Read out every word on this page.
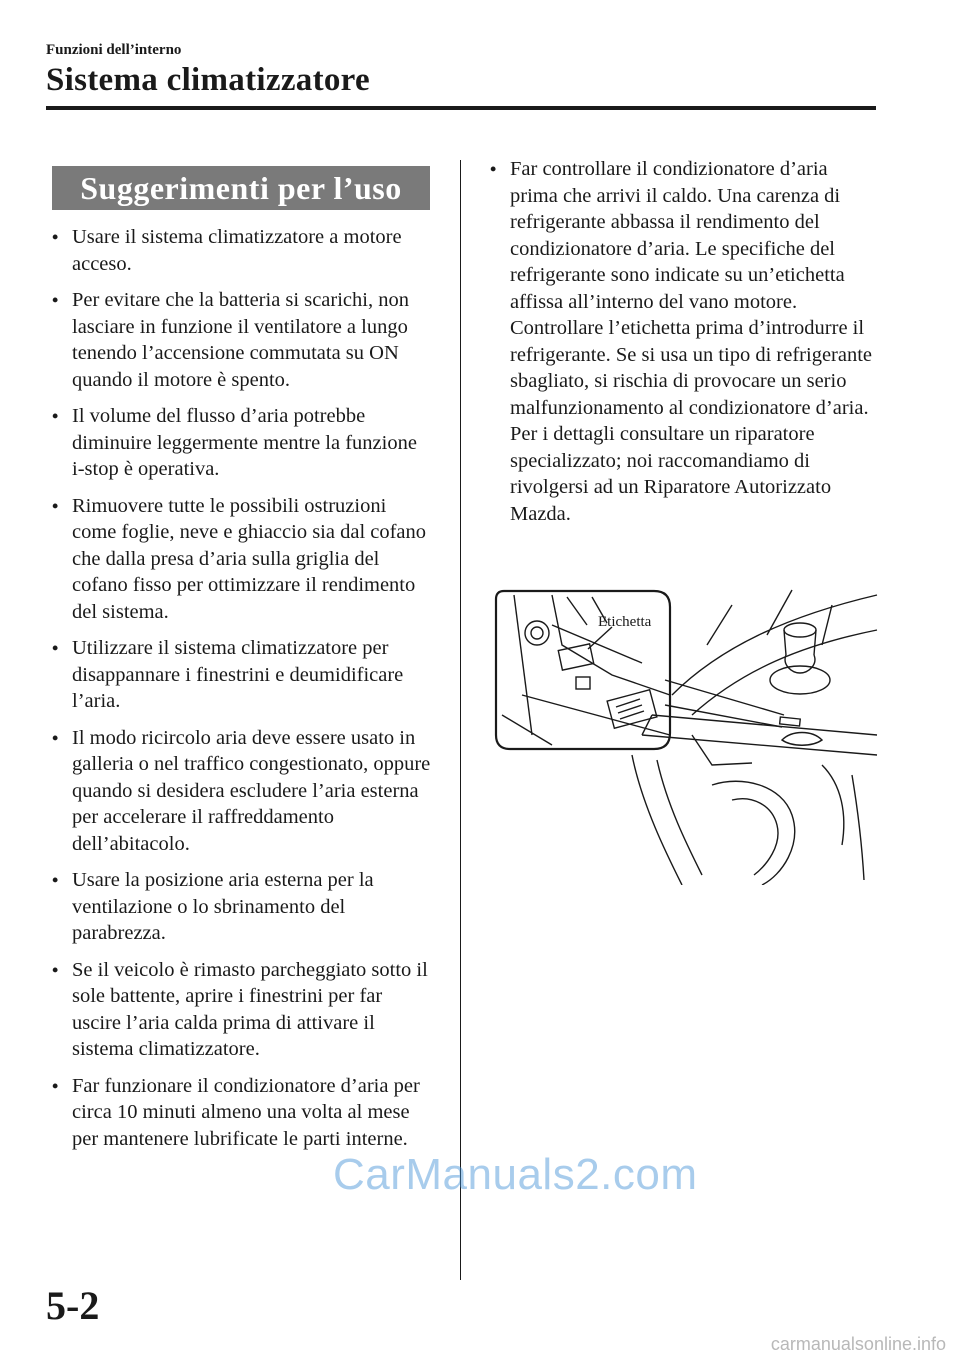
Funzioni dell’interno
Sistema climatizzatore
Suggerimenti per l’uso
• Usare il sistema climatizzatore a motore acceso.
• Per evitare che la batteria si scarichi, non lasciare in funzione il ventilatore a lungo tenendo l’accensione commutata su ON quando il motore è spento.
• Il volume del flusso d’aria potrebbe diminuire leggermente mentre la funzione i-stop è operativa.
• Rimuovere tutte le possibili ostruzioni come foglie, neve e ghiaccio sia dal cofano che dalla presa d’aria sulla griglia del cofano fisso per ottimizzare il rendimento del sistema.
• Utilizzare il sistema climatizzatore per disappannare i finestrini e deumidificare l’aria.
• Il modo ricircolo aria deve essere usato in galleria o nel traffico congestionato, oppure quando si desidera escludere l’aria esterna per accelerare il raffreddamento dell’abitacolo.
• Usare la posizione aria esterna per la ventilazione o lo sbrinamento del parabrezza.
• Se il veicolo è rimasto parcheggiato sotto il sole battente, aprire i finestrini per far uscire l’aria calda prima di attivare il sistema climatizzatore.
• Far funzionare il condizionatore d’aria per circa 10 minuti almeno una volta al mese per mantenere lubrificate le parti interne.
• Far controllare il condizionatore d’aria prima che arrivi il caldo. Una carenza di refrigerante abbassa il rendimento del condizionatore d’aria. Le specifiche del refrigerante sono indicate su un’etichetta affissa all’interno del vano motore. Controllare l’etichetta prima d’introdurre il refrigerante. Se si usa un tipo di refrigerante sbagliato, si rischia di provocare un serio malfunzionamento al condizionatore d’aria. Per i dettagli consultare un riparatore specializzato; noi raccomandiamo di rivolgersi ad un Riparatore Autorizzato Mazda.
Etichetta
CarManuals2.com
5-2
carmanualsonline.info
